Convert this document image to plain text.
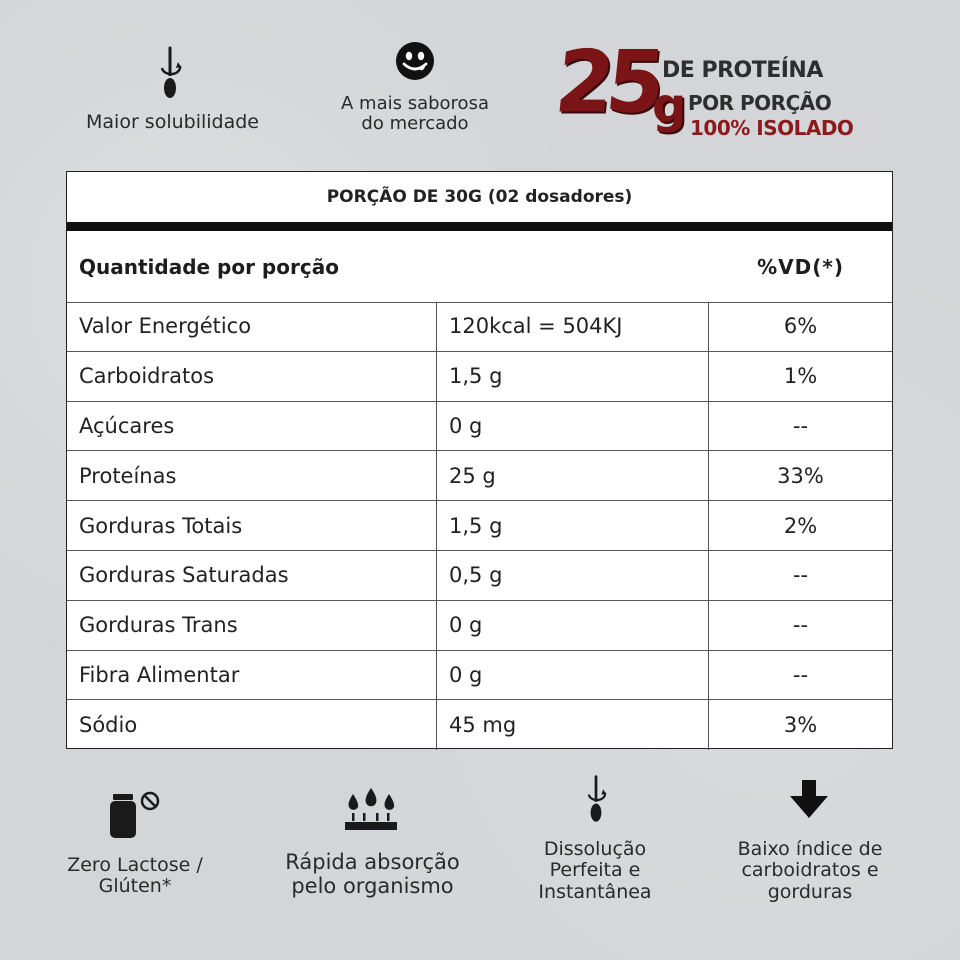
Maior solubilidade
A mais saborosa
do mercado 25
g
DE PROTEÍNA
POR PORÇÃO
100% ISOLADO
PORÇÃO DE 30G (02 dosadores)
Quantidade por porção	%VD(*)
Valor Energético	120kcal = 504KJ	6%
Carboidratos	1,5 g	1%
Açúcares	0 g	--
Proteínas	25 g	33%
Gorduras Totais	1,5 g	2%
Gorduras Saturadas	0,5 g	--
Gorduras Trans	0 g	--
Fibra Alimentar	0 g	--
Sódio	45 mg	3%
Zero Lactose /
Glúten*
Rápida absorção
pelo organismo
Dissolução
Perfeita e
Instantânea
Baixo índice de
carboidratos e
gorduras
